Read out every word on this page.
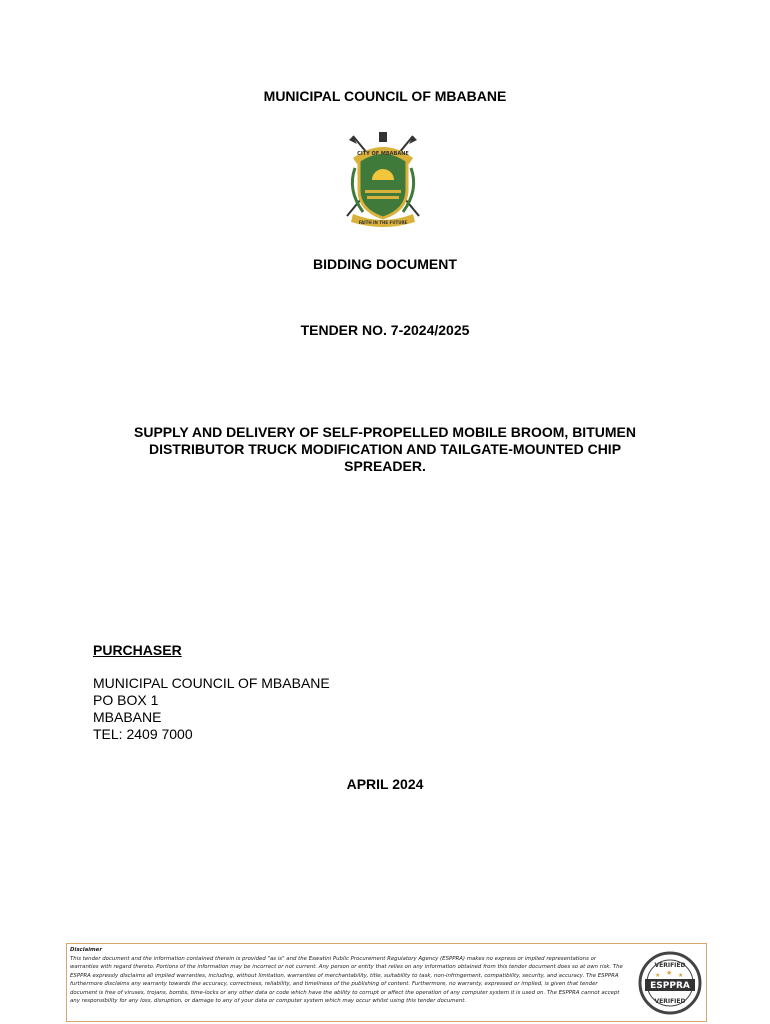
MUNICIPAL COUNCIL OF MBABANE
CITY OF MBABANE
FAITH IN THE FUTURE
BIDDING DOCUMENT
TENDER NO. 7-2024/2025
SUPPLY AND DELIVERY OF SELF-PROPELLED MOBILE BROOM, BITUMEN
DISTRIBUTOR TRUCK MODIFICATION AND TAILGATE-MOUNTED CHIP
SPREADER.
PURCHASER
MUNICIPAL COUNCIL OF MBABANE
PO BOX 1
MBABANE
TEL: 2409 7000
APRIL 2024
Disclaimer
This tender document and the information contained therein is provided "as is" and the Eswatini Public Procurement Regulatory Agency (ESPPRA) makes no express or implied representations or warranties with regard thereto. Portions of the information may be incorrect or not current. Any person or entity that relies on any information obtained from this tender document does so at own risk. The ESPPRA expressly disclaims all implied warranties, including, without limitation, warranties of merchantability, title, suitability to task, non-infringement, compatibility, security, and accuracy. The ESPPRA furthermore disclaims any warranty towards the accuracy, correctness, reliability, and timeliness of the publishing of content. Furthermore, no warranty, expressed or implied, is given that tender document is free of viruses, trojans, bombs, time-locks or any other data or code which have the ability to corrupt or affect the operation of any computer system it is used on. The ESPPRA cannot accept any responsibility for any loss, disruption, or damage to any of your data or computer system which may occur whilst using this tender document.
VERIFIED
★ ★ ★
ESPPRA
VERIFIED
